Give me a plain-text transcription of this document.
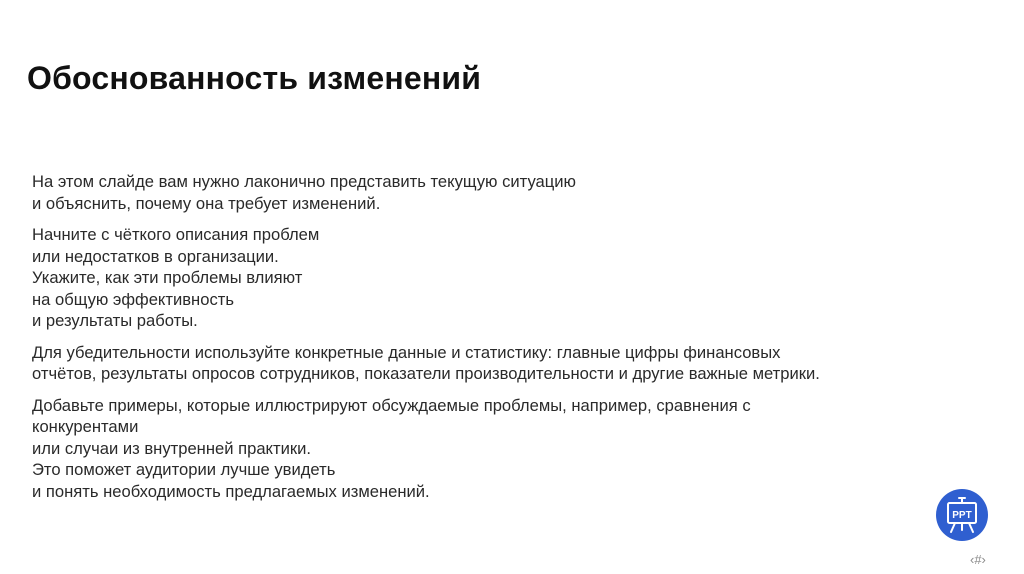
Обоснованность изменений

На этом слайде вам нужно лаконично представить текущую ситуацию
и объяснить, почему она требует изменений.

Начните с чёткого описания проблем
или недостатков в организации.
Укажите, как эти проблемы влияют
на общую эффективность
и результаты работы.

Для убедительности используйте конкретные данные и статистику: главные цифры финансовых
отчётов, результаты опросов сотрудников, показатели производительности и другие важные метрики.

Добавьте примеры, которые иллюстрируют обсуждаемые проблемы, например, сравнения с
конкурентами
или случаи из внутренней практики.
Это поможет аудитории лучше увидеть
и понять необходимость предлагаемых изменений.

PPT
‹#›
